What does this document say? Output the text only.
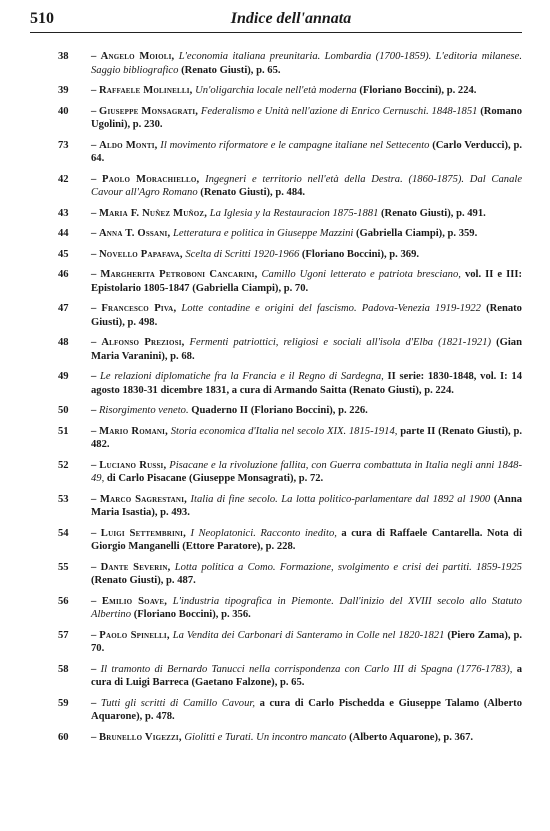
510	Indice dell'annata
38 – Angelo Moioli, L'economia italiana preunitaria. Lombardia (1700-1859). L'editoria milanese. Saggio bibliografico (Renato Giusti), p. 65.
39 – Raffaele Molinelli, Un'oligarchia locale nell'età moderna (Floriano Boccini), p. 224.
40 – Giuseppe Monsagrati, Federalismo e Unità nell'azione di Enrico Cernuschi. 1848-1851 (Romano Ugolini), p. 230.
73 – Aldo Monti, Il movimento riformatore e le campagne italiane nel Settecento (Carlo Verducci), p. 64.
42 – Paolo Morachiello, Ingegneri e territorio nell'età della Destra. (1860-1875). Dal Canale Cavour all'Agro Romano (Renato Giusti), p. 484.
43 – Maria F. Nuñez Muñoz, La Iglesia y la Restauracion 1875-1881 (Renato Giusti), p. 491.
44 – Anna T. Ossani, Letteratura e politica in Giuseppe Mazzini (Gabriella Ciampi), p. 359.
45 – Novello Papafava, Scelta di Scritti 1920-1966 (Floriano Boccini), p. 369.
46 – Margherita Petroboni Cancarini, Camillo Ugoni letterato e patriota bresciano, vol. II e III: Epistolario 1805-1847 (Gabriella Ciampi), p. 70.
47 – Francesco Piva, Lotte contadine e origini del fascismo. Padova-Venezia 1919-1922 (Renato Giusti), p. 498.
48 – Alfonso Preziosi, Fermenti patriottici, religiosi e sociali all'isola d'Elba (1821-1921) (Gian Maria Varanini), p. 68.
49 – Le relazioni diplomatiche fra la Francia e il Regno di Sardegna, II serie: 1830-1848, vol. I: 14 agosto 1830-31 dicembre 1831, a cura di Armando Saitta (Renato Giusti), p. 224.
50 – Risorgimento veneto. Quaderno II (Floriano Boccini), p. 226.
51 – Mario Romani, Storia economica d'Italia nel secolo XIX. 1815-1914, parte II (Renato Giusti), p. 482.
52 – Luciano Russi, Pisacane e la rivoluzione fallita, con Guerra combattuta in Italia negli anni 1848-49, di Carlo Pisacane (Giuseppe Monsagrati), p. 72.
53 – Marco Sagrestani, Italia di fine secolo. La lotta politico-parlamentare dal 1892 al 1900 (Anna Maria Isastia), p. 493.
54 – Luigi Settembrini, I Neoplatonici. Racconto inedito, a cura di Raffaele Cantarella. Nota di Giorgio Manganelli (Ettore Paratore), p. 228.
55 – Dante Severin, Lotta politica a Como. Formazione, svolgimento e crisi dei partiti. 1859-1925 (Renato Giusti), p. 487.
56 – Emilio Soave, L'industria tipografica in Piemonte. Dall'inizio del XVIII secolo allo Statuto Albertino (Floriano Boccini), p. 356.
57 – Paolo Spinelli, La Vendita dei Carbonari di Santeramo in Colle nel 1820-1821 (Piero Zama), p. 70.
58 – Il tramonto di Bernardo Tanucci nella corrispondenza con Carlo III di Spagna (1776-1783), a cura di Luigi Barreca (Gaetano Falzone), p. 65.
59 – Tutti gli scritti di Camillo Cavour, a cura di Carlo Pischedda e Giuseppe Talamo (Alberto Aquarone), p. 478.
60 – Brunello Vigezzi, Giolitti e Turati. Un incontro mancato (Alberto Aquarone), p. 367.
